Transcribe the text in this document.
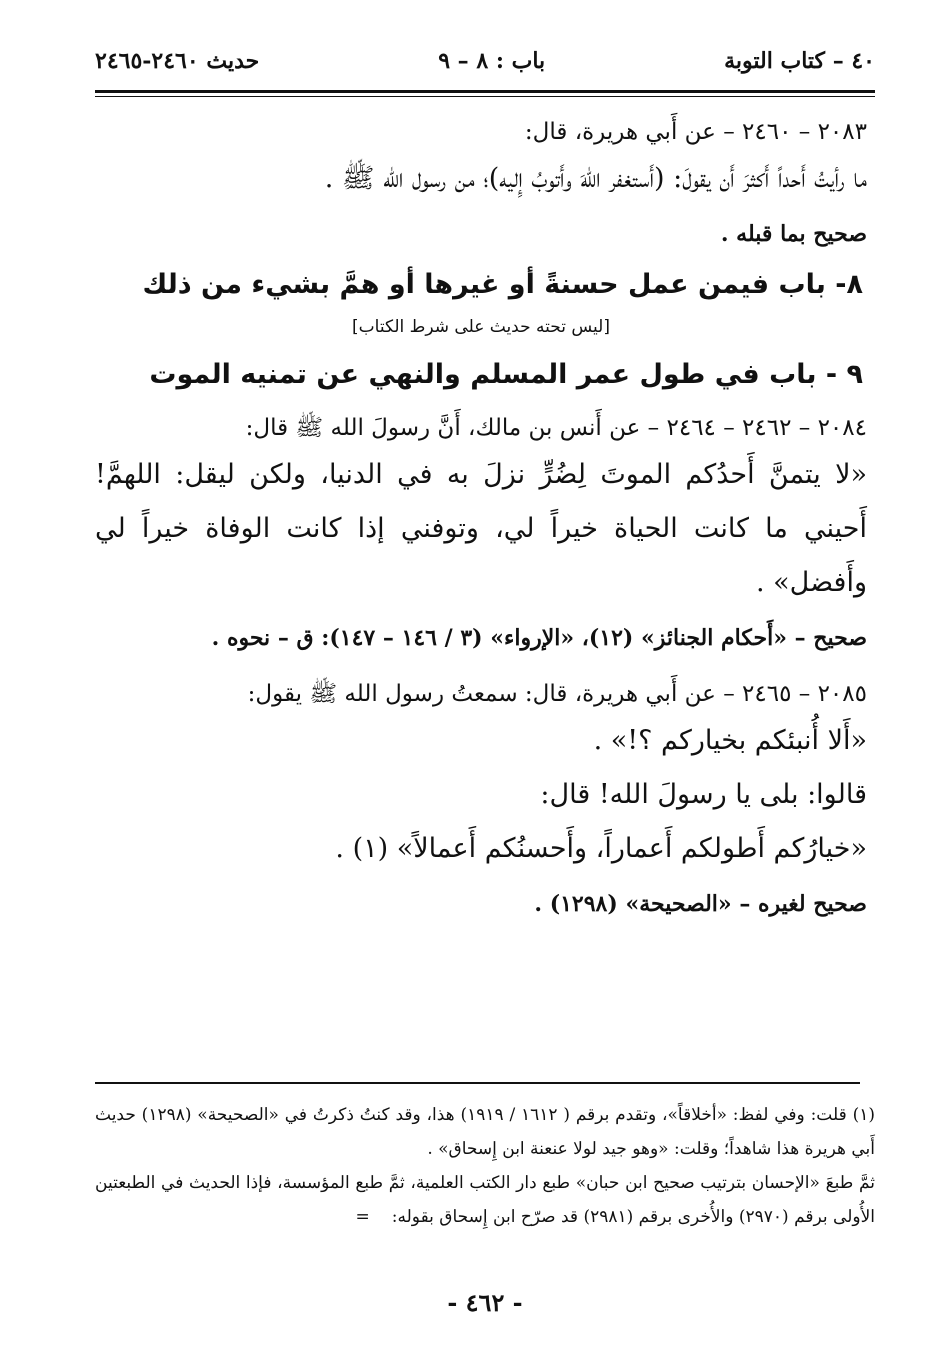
٤٠ – كتاب التوبة
باب : ٨ – ٩
حديث ٢٤٦٠-٢٤٦٥

٢٠٨٣ – ٢٤٦٠ – عن أَبي هريرة، قال:

ما رأيتُ أَحداً أَكثرَ أَن يقولَ: (أَستغفر اللهَ وأَتوبُ إِليه)؛ من رسول الله ﷺ .

صحيح بما قبله .

٨- باب فيمن عمل حسنةً أو غيرها أو همَّ بشيء من ذلك

[ليس تحته حديث على شرط الكتاب]

٩ - باب في طول عمر المسلم والنهي عن تمنيه الموت

٢٠٨٤ – ٢٤٦٢ – ٢٤٦٤ – عن أَنس بن مالك، أَنَّ رسولَ الله ﷺ قال:

«لا يتمنَّ أَحدُكم الموتَ لِضُرٍّ نزلَ به في الدنيا، ولكن ليقل: اللهمَّ! أَحيني ما كانت الحياة خيراً لي، وتوفني إذا كانت الوفاة خيراً لي وأَفضل» .

صحيح – «أَحكام الجنائز» (١٢)، «الإرواء» (٣ / ١٤٦ – ١٤٧): ق – نحوه .

٢٠٨٥ – ٢٤٦٥ – عن أَبي هريرة، قال: سمعتُ رسول الله ﷺ يقول:

«أَلا أُنبئكم بخياركم ؟!» .

قالوا: بلى يا رسولَ الله! قال:

«خيارُكم أَطولكم أَعماراً، وأَحسنُكم أَعمالاً» (١) .

صحيح لغيره – «الصحيحة» (١٢٩٨) .

(١) قلت: وفي لفظ: «أخلاقاً»، وتقدم برقم ( ١٦١٢ / ١٩١٩) هذا، وقد كنتُ ذكرتُ في «الصحيحة» (١٢٩٨) حديث أَبي هريرة هذا شاهداً؛ وقلت: «وهو جيد لولا عنعنة ابن إِسحاق» .

ثمَّ طبعَ «الإحسان بترتيب صحيح ابن حبان» طبع دار الكتب العلمية، ثمَّ طبع المؤسسة، فإذا الحديث في الطبعتين الأُولى برقم (٢٩٧٠) والأُخرى برقم (٢٩٨١) قد صرّح ابن إِسحاق بقوله:=

- ٤٦٢ -
